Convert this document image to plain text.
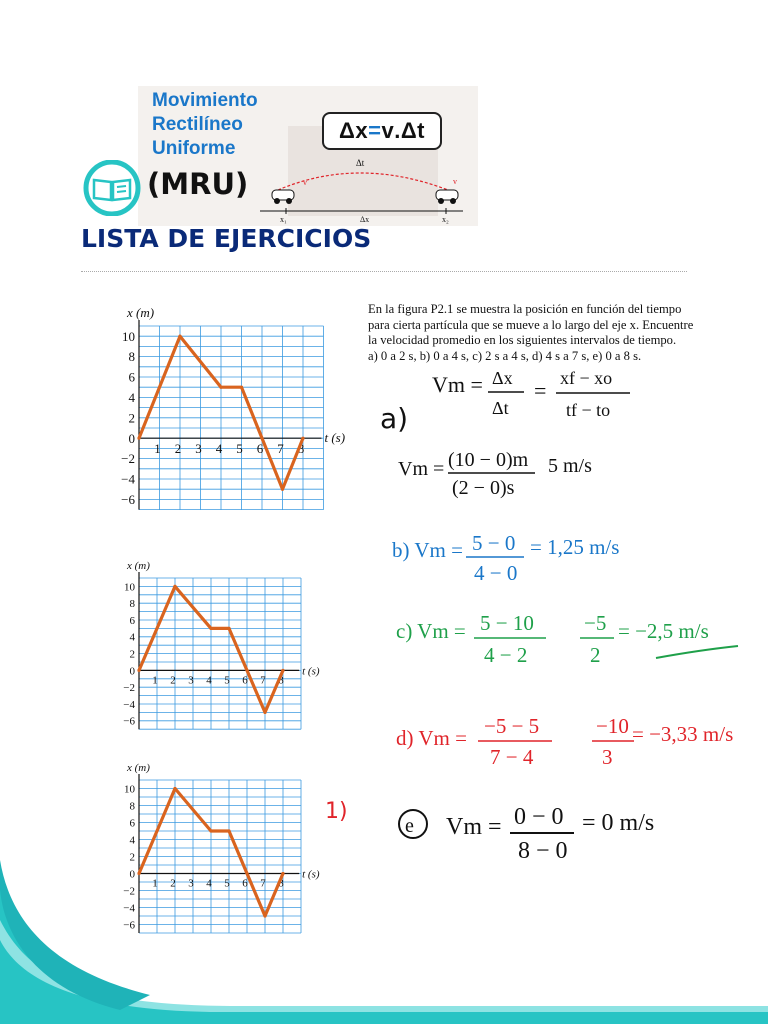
Movimiento
Rectilíneo
Uniforme
Δt
v	v
x₁	Δx	x₂
Δ x = v . Δ t
(MRU)
LISTA DE EJERCICIOS
En la figura P2.1 se muestra la posición en función del tiempo
para cierta partícula que se mueve a lo largo del eje x. Encuentre
la velocidad promedio en los siguientes intervalos de tiempo.
a) 0 a 2 s, b) 0 a 4 s, c) 2 s a 4 s, d) 4 s a 7 s, e) 0 a 8 s.
x (m)
t (s)
10
8
6
4
2
0
−2
−4
−6
1 2 3 4 5 6 7 8
x (m)
t (s)
10
8
6
4
2
0
−2
−4
−6
1 2 3 4 5 6 7 8
x (m)
t (s)
10
8
6
4
2
0
−2
−4
−6
1 2 3 4 5 6 7 8
Vm = Δx
Δt
= xf − xo
tf − to
a)
Vm = (10 − 0)m
(2 − 0)s
5 m/s
b) Vm = 5 − 0
4 − 0
= 1,25 m/s
c) Vm = 5 − 10
4 − 2
−5
2
= −2,5 m/s
d) Vm = −5 − 5
7 − 4
−10
3
= −3,33 m/s
e Vm = 0 − 0
8 − 0
= 0 m/s
1)
